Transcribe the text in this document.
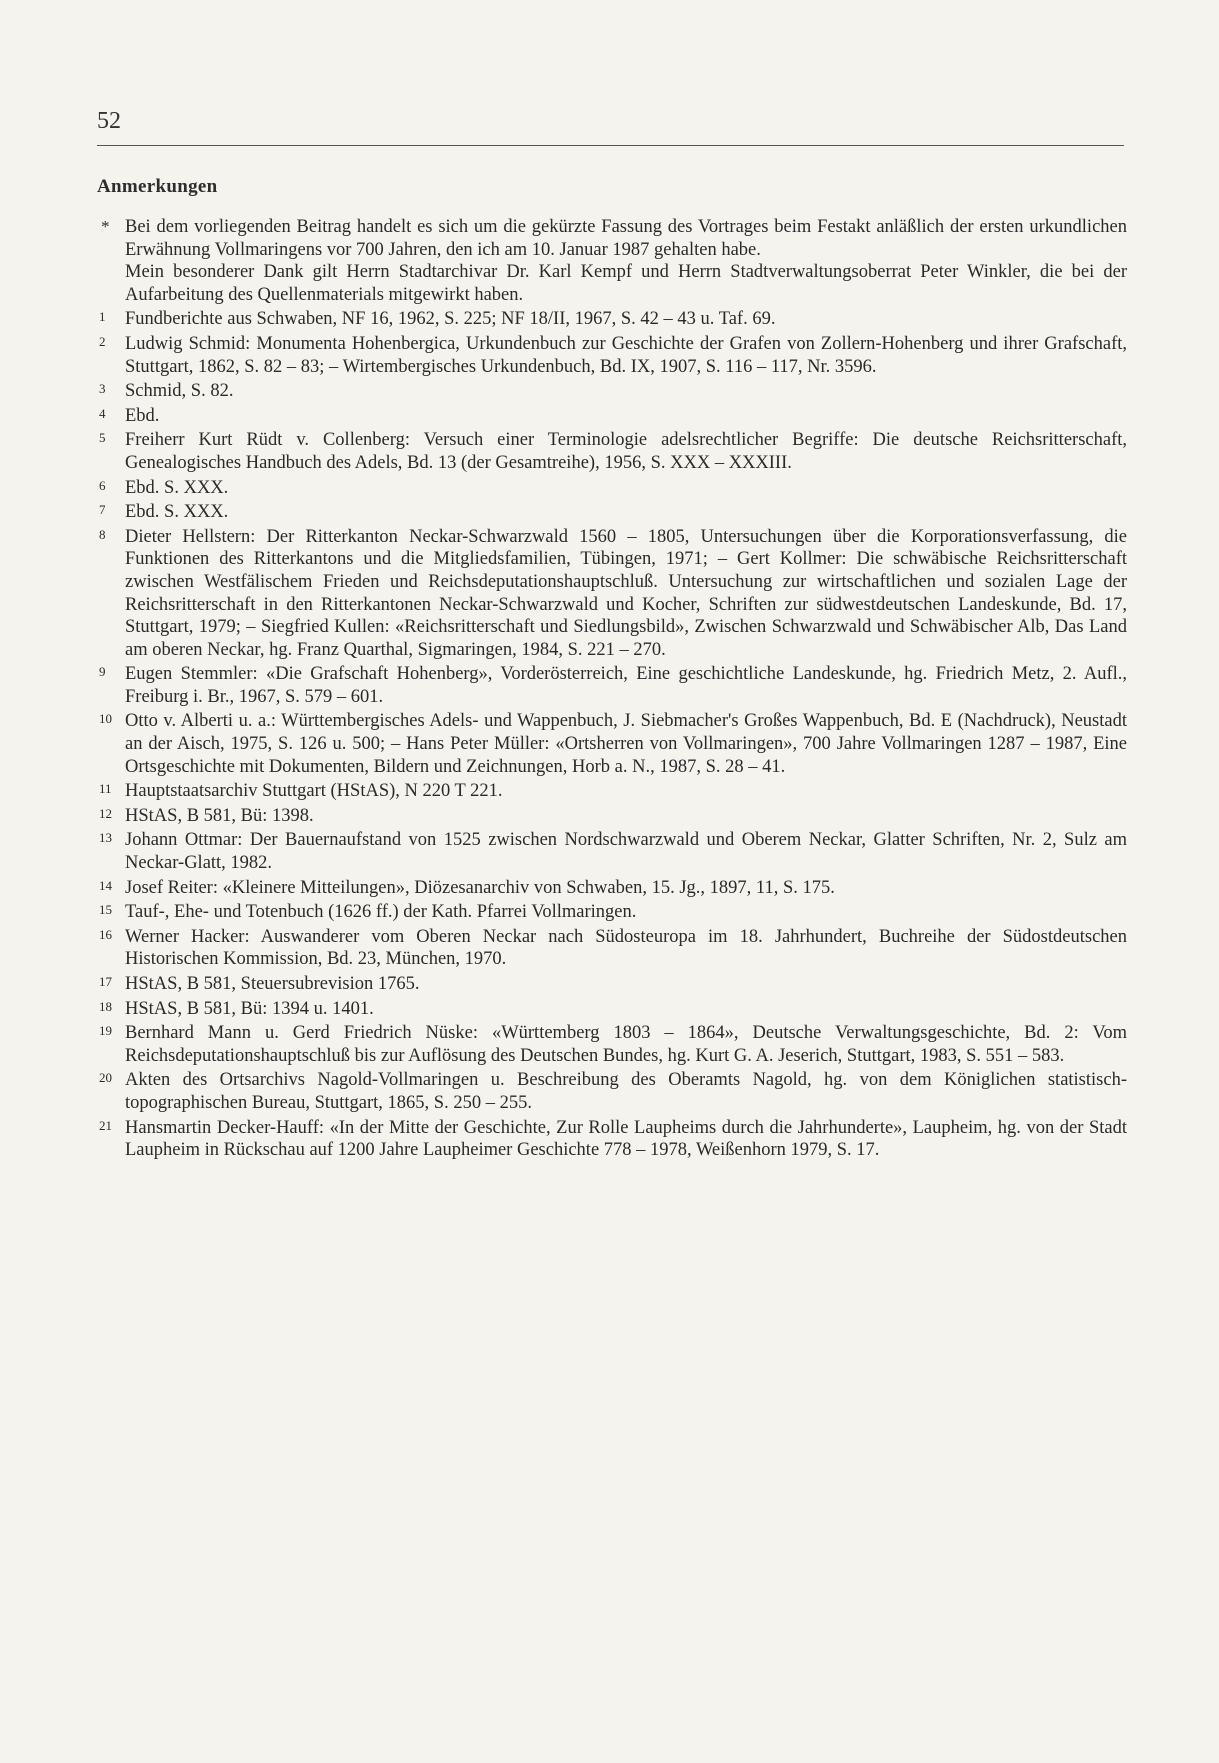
52
Anmerkungen
* Bei dem vorliegenden Beitrag handelt es sich um die gekürzte Fassung des Vortrages beim Festakt anläßlich der ersten urkundlichen Erwähnung Vollmaringens vor 700 Jahren, den ich am 10. Januar 1987 gehalten habe.
Mein besonderer Dank gilt Herrn Stadtarchivar Dr. Karl Kempf und Herrn Stadtverwaltungsoberrat Peter Winkler, die bei der Aufarbeitung des Quellenmaterials mitgewirkt haben.
1	Fundberichte aus Schwaben, NF 16, 1962, S. 225; NF 18/II, 1967, S. 42 – 43 u. Taf. 69.
2	Ludwig Schmid: Monumenta Hohenbergica, Urkundenbuch zur Geschichte der Grafen von Zollern-Hohenberg und ihrer Grafschaft, Stuttgart, 1862, S. 82 – 83; – Wirtembergisches Urkundenbuch, Bd. IX, 1907, S. 116 – 117, Nr. 3596.
3	Schmid, S. 82.
4	Ebd.
5	Freiherr Kurt Rüdt v. Collenberg: Versuch einer Terminologie adelsrechtlicher Begriffe: Die deutsche Reichsritterschaft, Genealogisches Handbuch des Adels, Bd. 13 (der Gesamtreihe), 1956, S. XXX – XXXIII.
6	Ebd. S. XXX.
7	Ebd. S. XXX.
8	Dieter Hellstern: Der Ritterkanton Neckar-Schwarzwald 1560 – 1805, Untersuchungen über die Korporationsverfassung, die Funktionen des Ritterkantons und die Mitgliedsfamilien, Tübingen, 1971; – Gert Kollmer: Die schwäbische Reichsritterschaft zwischen Westfälischem Frieden und Reichsdeputationshauptschluß. Untersuchung zur wirtschaftlichen und sozialen Lage der Reichsritterschaft in den Ritterkantonen Neckar-Schwarzwald und Kocher, Schriften zur südwestdeutschen Landeskunde, Bd. 17, Stuttgart, 1979; – Siegfried Kullen: «Reichsritterschaft und Siedlungsbild», Zwischen Schwarzwald und Schwäbischer Alb, Das Land am oberen Neckar, hg. Franz Quarthal, Sigmaringen, 1984, S. 221 – 270.
9	Eugen Stemmler: «Die Grafschaft Hohenberg», Vorderösterreich, Eine geschichtliche Landeskunde, hg. Friedrich Metz, 2. Aufl., Freiburg i. Br., 1967, S. 579 – 601.
10 Otto v. Alberti u. a.: Württembergisches Adels- und Wappenbuch, J. Siebmacher's Großes Wappenbuch, Bd. E (Nachdruck), Neustadt an der Aisch, 1975, S. 126 u. 500; – Hans Peter Müller: «Ortsherren von Vollmaringen», 700 Jahre Vollmaringen 1287 – 1987, Eine Ortsgeschichte mit Dokumenten, Bildern und Zeichnungen, Horb a. N., 1987, S. 28 – 41.
11 Hauptstaatsarchiv Stuttgart (HStAS), N 220 T 221.
12 HStAS, B 581, Bü: 1398.
13 Johann Ottmar: Der Bauernaufstand von 1525 zwischen Nordschwarzwald und Oberem Neckar, Glatter Schriften, Nr. 2, Sulz am Neckar-Glatt, 1982.
14 Josef Reiter: «Kleinere Mitteilungen», Diözesanarchiv von Schwaben, 15. Jg., 1897, 11, S. 175.
15 Tauf-, Ehe- und Totenbuch (1626 ff.) der Kath. Pfarrei Vollmaringen.
16 Werner Hacker: Auswanderer vom Oberen Neckar nach Südosteuropa im 18. Jahrhundert, Buchreihe der Südostdeutschen Historischen Kommission, Bd. 23, München, 1970.
17 HStAS, B 581, Steuersubrevision 1765.
18 HStAS, B 581, Bü: 1394 u. 1401.
19 Bernhard Mann u. Gerd Friedrich Nüske: «Württemberg 1803 – 1864», Deutsche Verwaltungsgeschichte, Bd. 2: Vom Reichsdeputationshauptschluß bis zur Auflösung des Deutschen Bundes, hg. Kurt G. A. Jeserich, Stuttgart, 1983, S. 551 – 583.
20 Akten des Ortsarchivs Nagold-Vollmaringen u. Beschreibung des Oberamts Nagold, hg. von dem Königlichen statistisch-topographischen Bureau, Stuttgart, 1865, S. 250 – 255.
21 Hansmartin Decker-Hauff: «In der Mitte der Geschichte, Zur Rolle Laupheims durch die Jahrhunderte», Laupheim, hg. von der Stadt Laupheim in Rückschau auf 1200 Jahre Laupheimer Geschichte 778 – 1978, Weißenhorn 1979, S. 17.
